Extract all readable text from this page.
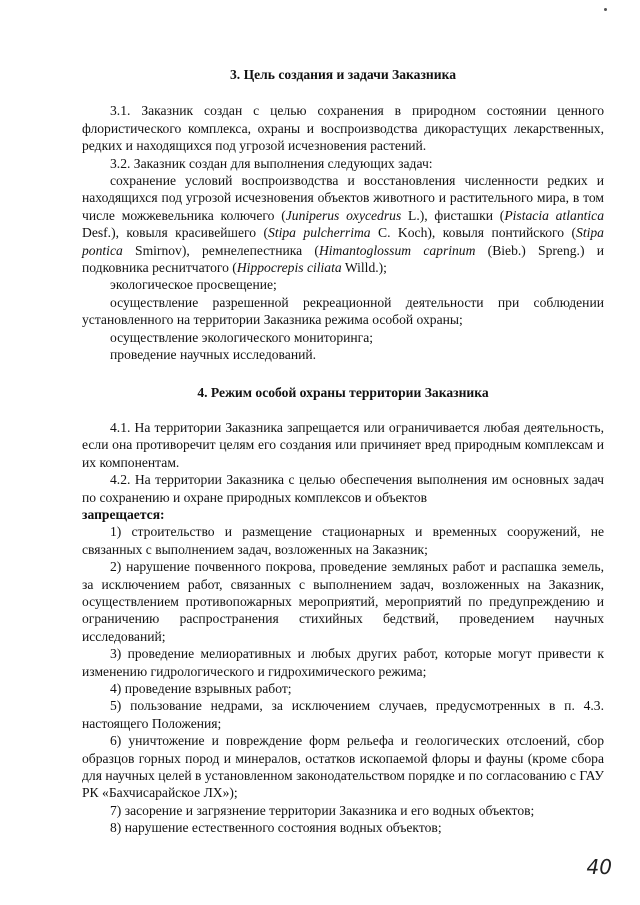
3. Цель создания и задачи Заказника

3.1. Заказник создан с целью сохранения в природном состоянии ценного флористического комплекса, охраны и воспроизводства дикорастущих лекарственных, редких и находящихся под угрозой исчезновения растений.

3.2. Заказник создан для выполнения следующих задач:

сохранение условий воспроизводства и восстановления численности редких и находящихся под угрозой исчезновения объектов животного и растительного мира, в том числе можжевельника колючего (Juniperus oxycedrus L.), фисташки (Pistacia atlantica Desf.), ковыля красивейшего (Stipa pulcherrima C. Koch), ковыля понтийского (Stipa pontica Smirnov), ремнелепестника (Himantoglossum caprinum (Bieb.) Spreng.) и подковника реснитчатого (Hippocrepis ciliata Willd.);

экологическое просвещение;

осуществление разрешенной рекреационной деятельности при соблюдении установленного на территории Заказника режима особой охраны;

осуществление экологического мониторинга;

проведение научных исследований.

4. Режим особой охраны территории Заказника

4.1. На территории Заказника запрещается или ограничивается любая деятельность, если она противоречит целям его создания или причиняет вред природным комплексам и их компонентам.

4.2. На территории Заказника с целью обеспечения выполнения им основных задач по сохранению и охране природных комплексов и объектов

запрещается:

1) строительство и размещение стационарных и временных сооружений, не связанных с выполнением задач, возложенных на Заказник;

2) нарушение почвенного покрова, проведение земляных работ и распашка земель, за исключением работ, связанных с выполнением задач, возложенных на Заказник, осуществлением противопожарных мероприятий, мероприятий по предупреждению и ограничению распространения стихийных бедствий, проведением научных исследований;

3) проведение мелиоративных и любых других работ, которые могут привести к изменению гидрологического и гидрохимического режима;

4) проведение взрывных работ;

5) пользование недрами, за исключением случаев, предусмотренных в п. 4.3. настоящего Положения;

6) уничтожение и повреждение форм рельефа и геологических отслоений, сбор образцов горных пород и минералов, остатков ископаемой флоры и фауны (кроме сбора для научных целей в установленном законодательством порядке и по согласованию с ГАУ РК «Бахчисарайское ЛХ»);

7) засорение и загрязнение территории Заказника и его водных объектов;

8) нарушение естественного состояния водных объектов;

40
